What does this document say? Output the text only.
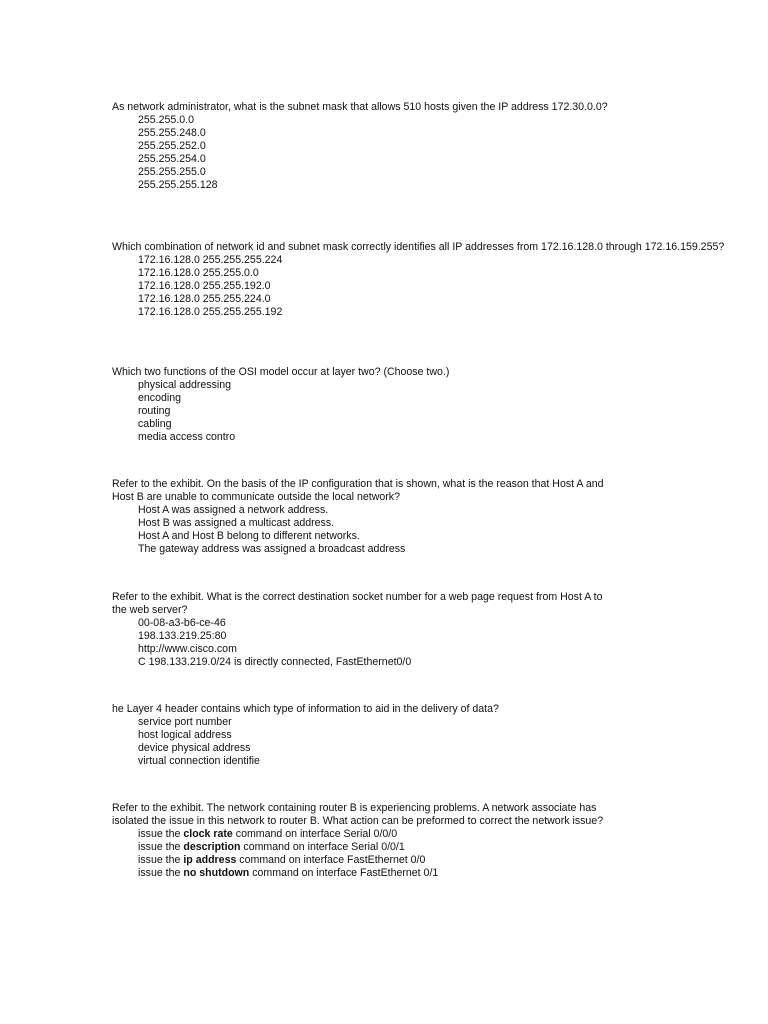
As network administrator, what is the subnet mask that allows 510 hosts given the IP address 172.30.0.0?

255.255.0.0
255.255.248.0
255.255.252.0
255.255.254.0
255.255.255.0
255.255.255.128

Which combination of network id and subnet mask correctly identifies all IP addresses from 172.16.128.0 through 172.16.159.255?

172.16.128.0 255.255.255.224
172.16.128.0 255.255.0.0
172.16.128.0 255.255.192.0
172.16.128.0 255.255.224.0
172.16.128.0 255.255.255.192

Which two functions of the OSI model occur at layer two? (Choose two.)

physical addressing
encoding
routing
cabling
media access contro

Refer to the exhibit. On the basis of the IP configuration that is shown, what is the reason that Host A and

Host B are unable to communicate outside the local network?

Host A was assigned a network address.
Host B was assigned a multicast address.
Host A and Host B belong to different networks.
The gateway address was assigned a broadcast address

Refer to the exhibit. What is the correct destination socket number for a web page request from Host A to

the web server?

00-08-a3-b6-ce-46
198.133.219.25:80
http://www.cisco.com
C 198.133.219.0/24 is directly connected, FastEthernet0/0

he Layer 4 header contains which type of information to aid in the delivery of data?

service port number
host logical address
device physical address
virtual connection identifie

Refer to the exhibit. The network containing router B is experiencing problems. A network associate has

isolated the issue in this network to router B. What action can be preformed to correct the network issue?

issue the clock rate command on interface Serial 0/0/0
issue the description command on interface Serial 0/0/1
issue the ip address command on interface FastEthernet 0/0
issue the no shutdown command on interface FastEthernet 0/1
